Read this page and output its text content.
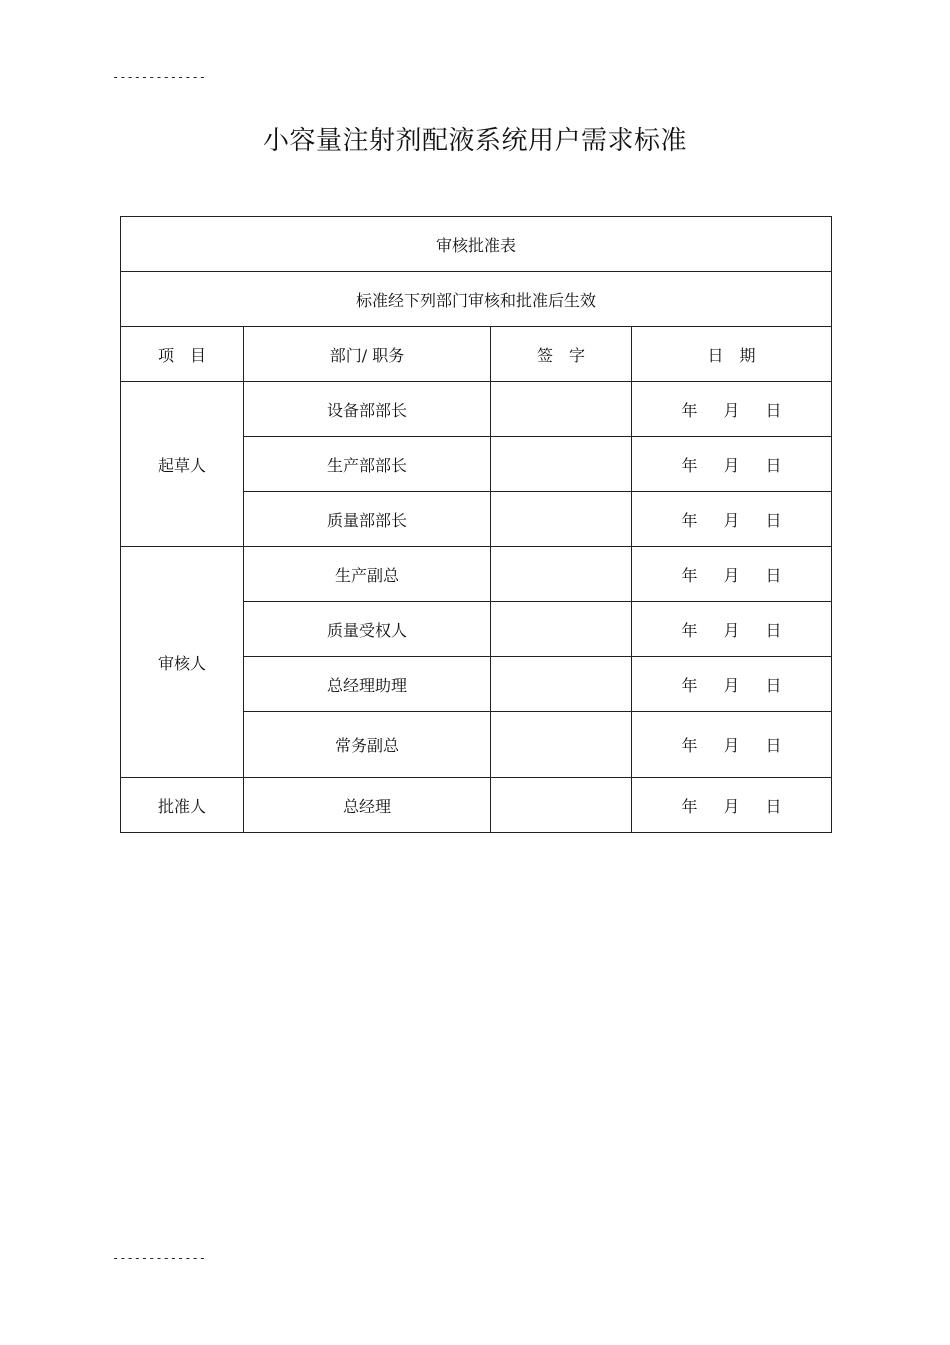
-------------
小容量注射剂配液系统用户需求标准
审核批准表			
标准经下列部门审核和批准后生效			
项　目	部门/ 职务	签　字	日　期
起草人	设备部部长		年 月 日
	生产部部长		年 月 日
	质量部部长		年 月 日
审核人	生产副总		年 月 日
	质量受权人		年 月 日
	总经理助理		年 月 日
	常务副总		年 月 日
批准人	总经理		年 月 日
-------------
